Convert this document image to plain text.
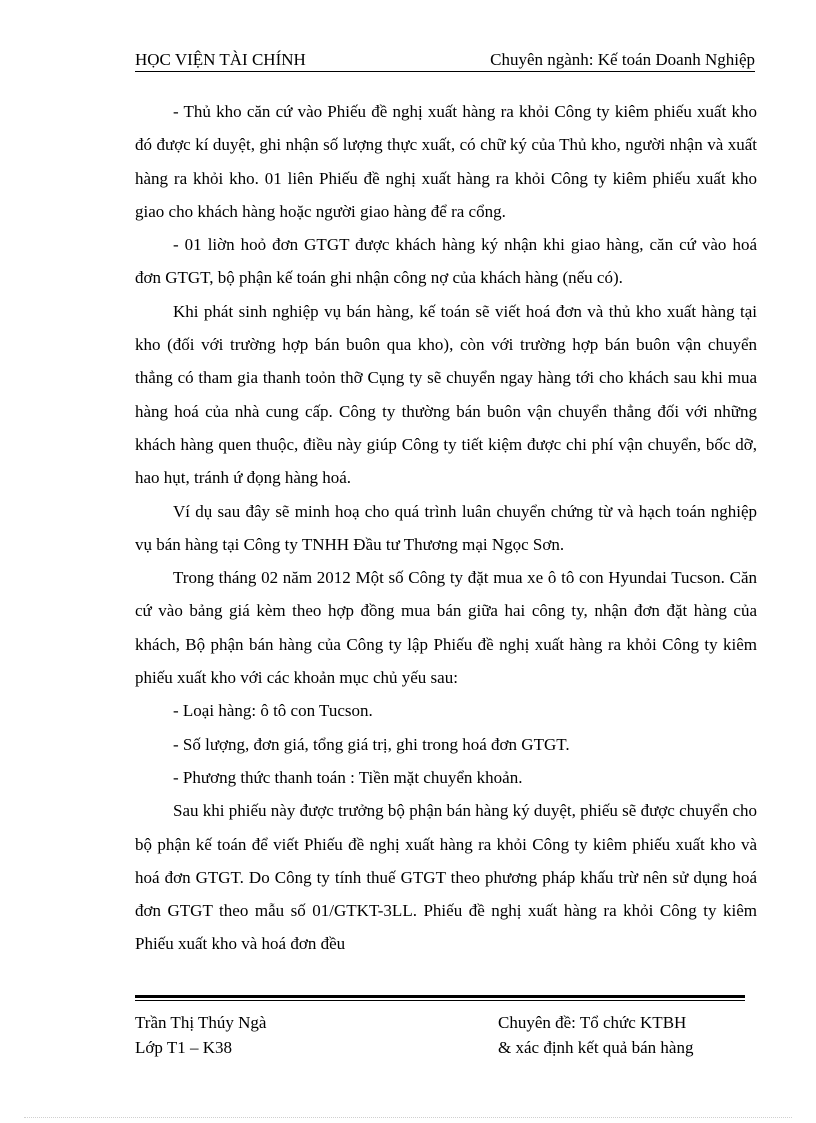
HỌC VIỆN TÀI CHÍNH	Chuyên ngành: Kế toán Doanh Nghiệp

- Thủ kho căn cứ vào Phiếu đề nghị xuất hàng ra khỏi Công ty kiêm phiếu xuất kho đó được kí duyệt, ghi nhận số lượng thực xuất, có chữ ký của Thủ kho, người nhận và xuất hàng ra khỏi kho. 01 liên Phiếu đề nghị xuất hàng ra khỏi Công ty kiêm phiếu xuất kho giao cho khách hàng hoặc người giao hàng để ra cổng.

- 01 liờn hoỏ đơn GTGT được khách hàng ký nhận khi giao hàng, căn cứ vào hoá đơn GTGT, bộ phận kế toán ghi nhận công nợ của khách hàng (nếu có).

Khi phát sinh nghiệp vụ bán hàng, kế toán sẽ viết hoá đơn và thủ kho xuất hàng tại kho (đối với trường hợp bán buôn qua kho), còn với trường hợp bán buôn vận chuyển thẳng có tham gia thanh toỏn thỡ Cụng ty sẽ chuyển ngay hàng tới cho khách sau khi mua hàng hoá của nhà cung cấp. Công ty thường bán buôn vận chuyển thẳng đối với những khách hàng quen thuộc, điều này giúp Công ty tiết kiệm được chi phí vận chuyển, bốc dỡ, hao hụt, tránh ứ đọng hàng hoá.

Ví dụ sau đây sẽ minh hoạ cho quá trình luân chuyển chứng từ và hạch toán nghiệp vụ bán hàng tại Công ty TNHH Đầu tư Thương mại Ngọc Sơn.

Trong tháng 02 năm 2012 Một số Công ty đặt mua xe ô tô con Hyundai Tucson. Căn cứ vào bảng giá kèm theo hợp đồng mua bán giữa hai công ty, nhận đơn đặt hàng của khách, Bộ phận bán hàng của Công ty lập Phiếu đề nghị xuất hàng ra khỏi Công ty kiêm phiếu xuất kho với các khoản mục chủ yếu sau:

- Loại hàng: ô tô con Tucson.

- Số lượng, đơn giá, tổng giá trị, ghi trong hoá đơn GTGT.

- Phương thức thanh toán : Tiền mặt chuyển khoản.

Sau khi phiếu này được trưởng bộ phận bán hàng ký duyệt, phiếu sẽ được chuyển cho bộ phận kế toán để viết Phiếu đề nghị xuất hàng ra khỏi Công ty kiêm phiếu xuất kho và hoá đơn GTGT. Do Công ty tính thuế GTGT theo phương pháp khấu trừ nên sử dụng hoá đơn GTGT theo mẫu số 01/GTKT-3LL. Phiếu đề nghị xuất hàng ra khỏi Công ty kiêm Phiếu xuất kho và hoá đơn đều

Trần Thị Thúy Ngà
Lớp T1 – K38
Chuyên đề: Tổ chức KTBH
& xác định kết quả bán hàng
